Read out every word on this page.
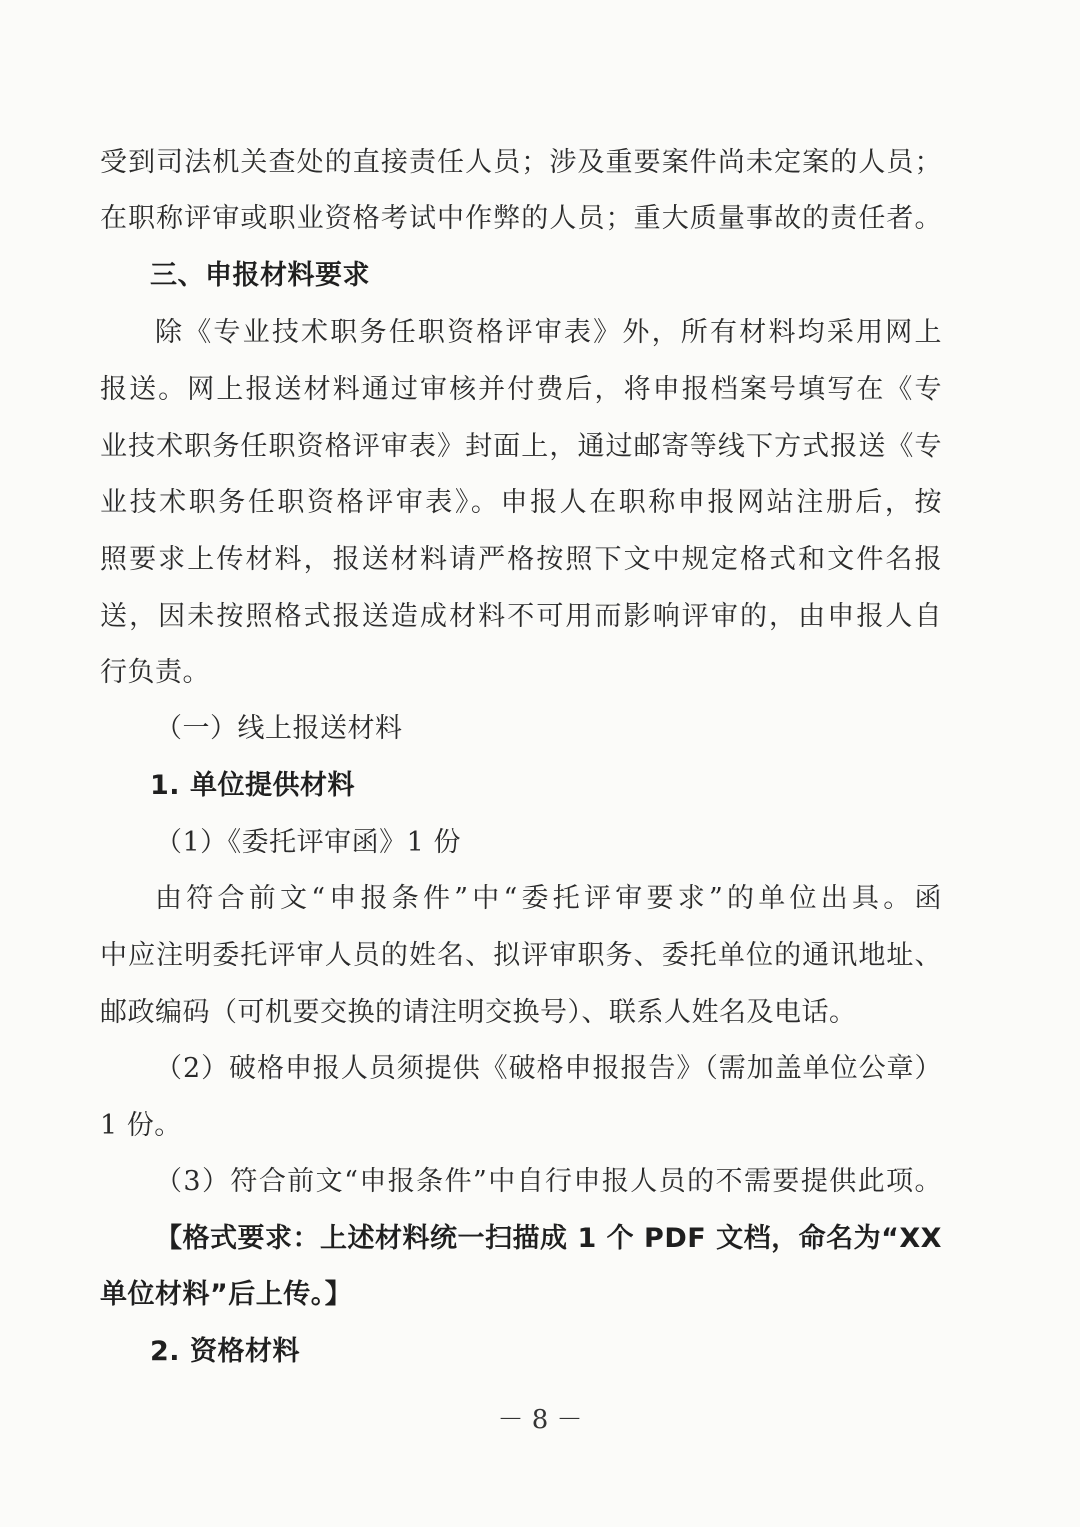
受到司法机关查处的直接责任人员；涉及重要案件尚未定案的人员；
在职称评审或职业资格考试中作弊的人员；重大质量事故的责任者。
三、申报材料要求
除《专业技术职务任职资格评审表》外，所有材料均采用网上
报送。网上报送材料通过审核并付费后，将申报档案号填写在《专
业技术职务任职资格评审表》封面上，通过邮寄等线下方式报送《专
业技术职务任职资格评审表》。申报人在职称申报网站注册后，按
照要求上传材料，报送材料请严格按照下文中规定格式和文件名报
送，因未按照格式报送造成材料不可用而影响评审的，由申报人自
行负责。
（一）线上报送材料
1. 单位提供材料
（1）《委托评审函》1 份
由符合前文“申报条件”中“委托评审要求”的单位出具。函
中应注明委托评审人员的姓名、拟评审职务、委托单位的通讯地址、
邮政编码（可机要交换的请注明交换号）、联系人姓名及电话。
（2）破格申报人员须提供《破格申报报告》（需加盖单位公章）
1 份。
（3）符合前文“申报条件”中自行申报人员的不需要提供此项。
【格式要求：上述材料统一扫描成 1 个 PDF 文档，命名为“XX
单位材料”后上传。】
2. 资格材料
－ 8 －
